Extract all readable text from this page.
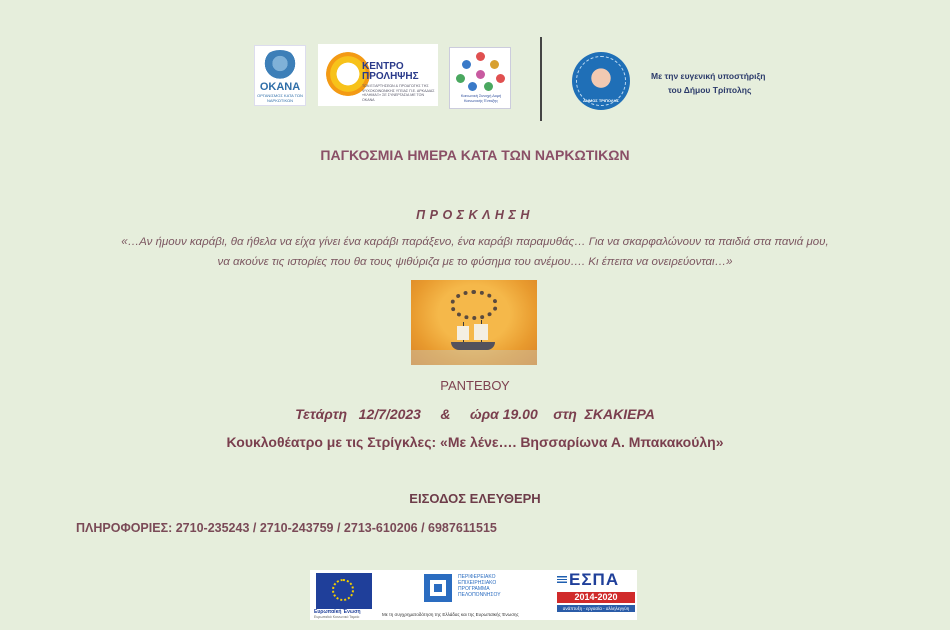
OKANA
ΟΡΓΑΝΙΣΜΟΣ ΚΑΤΑ ΤΩΝ ΝΑΡΚΩΤΙΚΩΝ
ΚΕΝΤΡΟ
ΠΡΟΛΗΨΗΣ
ΤΩΝ ΕΞΑΡΤΗΣΕΩΝ & ΠΡΟΑΓΩΓΗΣ ΤΗΣ ΨΥΧΟΚΟΙΝΩΝΙΚΗΣ ΥΓΕΙΑΣ Π.Ε. ΑΡΚΑΔΙΑΣ «ΚΛΗΜΑΞ» ΣΕ ΣΥΝΕΡΓΑΣΙΑ ΜΕ ΤΟΝ ΟΚΑΝΑ
Κοινωνική Συνοχή Δομή Κοινωνικής Ένταξης	ΔΗΜΟΣ ΤΡΙΠΟΛΗΣ
Με την ευγενική υποστήριξη
του Δήμου Τρίπολης
ΠΑΓΚΟΣΜΙΑ ΗΜΕΡΑ ΚΑΤΑ ΤΩΝ ΝΑΡΚΩΤΙΚΩΝ
ΠΡΟΣΚΛΗΣΗ
«…Αν ήμουν καράβι, θα ήθελα να είχα γίνει ένα καράβι παράξενο, ένα καράβι παραμυθάς… Για να σκαρφαλώνουν τα παιδιά στα πανιά μου,
να ακούνε τις ιστορίες που θα τους ψιθύριζα με το φύσημα του ανέμου…. Κι έπειτα να ονειρεύονται…»
ΡΑΝΤΕΒΟΥ
Τετάρτη   12/7/2023     &     ώρα 19.00    στη  ΣΚΑΚΙΕΡΑ
Κουκλοθέατρο με τις Στρίγκλες: «Με λένε…. Βησσαρίωνα Α. Μπακακούλη»
ΕΙΣΟΔΟΣ ΕΛΕΥΘΕΡΗ
ΠΛΗΡΟΦΟΡΙΕΣ: 2710-235243 / 2710-243759 / 2713-610206 / 6987611515
Ευρωπαϊκή Ένωση
Ευρωπαϊκό Κοινωνικό Ταμείο
ΠΕΡΙΦΕΡΕΙΑΚΟ
ΕΠΙΧΕΙΡΗΣΙΑΚΟ
ΠΡΟΓΡΑΜΜΑ
ΠΕΛΟΠΟΝΝΗΣΟΥ
Με τη συγχρηματοδότηση της Ελλάδας και της Ευρωπαϊκής Ένωσης
ΕΣΠΑ
2014-2020
ανάπτυξη - εργασία - αλληλεγγύη
